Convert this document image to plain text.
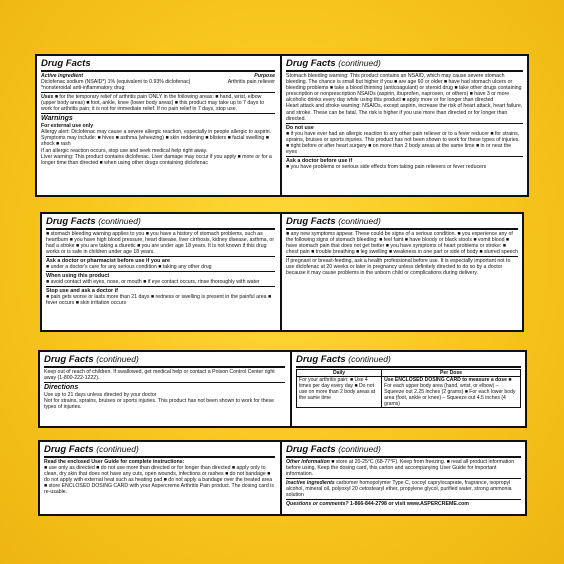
Drug Facts
Active ingredient	Purpose
Diclofenac sodium (NSAID*) 1% (equivalent to 0.93% diclofenac)	Arthritis pain reliever

*nonsteroidal anti-inflammatory drug

Uses ■ for the temporary relief of arthritis pain ONLY in the following areas: ■ hand, wrist, elbow (upper body areas) ■ foot, ankle, knee (lower body areas) ■ this product may take up to 7 days to work for arthritis pain; it is not for immediate relief. If no pain relief in 7 days, stop use.

Warnings

For external use only

Allergy alert: Diclofenac may cause a severe allergic reaction, especially in people allergic to aspirin. Symptoms may include: ■ hives ■ asthma (wheezing) ■ skin reddening ■ blisters ■ facial swelling ■ shock ■ rash

If an allergic reaction occurs, stop use and seek medical help right away.

Liver warning: This product contains diclofenac. Liver damage may occur if you apply ■ more or for a longer time than directed ■ when using other drugs containing diclofenac

Drug Facts (continued)

Stomach bleeding warning: This product contains an NSAID, which may cause severe stomach bleeding. The chance is small but higher if you ■ are age 60 or older ■ have had stomach ulcers or bleeding problems ■ take a blood thinning (anticoagulant) or steroid drug ■ take other drugs containing prescription or nonprescription NSAIDs (aspirin, ibuprofen, naproxen, or others) ■ have 3 or more alcoholic drinks every day while using this product ■ apply more or for longer than directed

Heart attack and stroke warning: NSAIDs, except aspirin, increase the risk of heart attack, heart failure, and stroke. These can be fatal. The risk is higher if you use more than directed or for longer than directed.

Do not use

■ if you have ever had an allergic reaction to any other pain reliever or to a fever reducer ■ for strains, sprains, bruises or sports injuries. This product has not been shown to work for these types of injuries. ■ right before or after heart surgery ■ on more than 2 body areas at the same time ■ in or near the eyes

Ask a doctor before use if

■ you have problems or serious side effects from taking pain relievers or fever reducers

Drug Facts (continued)

■ stomach bleeding warning applies to you ■ you have a history of stomach problems, such as heartburn ■ you have high blood pressure, heart disease, liver cirrhosis, kidney disease, asthma, or had a stroke ■ you are taking a diuretic ■ you are under age 18 years. It is not known if this drug works or is safe in children under age 18 years.

Ask a doctor or pharmacist before use if you are

■ under a doctor's care for any serious condition ■ taking any other drug

When using this product

■ avoid contact with eyes, nose, or mouth ■ if eye contact occurs, rinse thoroughly with water

Stop use and ask a doctor if

■ pain gets worse or lasts more than 21 days ■ redness or swelling is present in the painful area ■ fever occurs ■ skin irritation occurs

Drug Facts (continued)

■ any new symptoms appear. These could be signs of a serious condition. ■ you experience any of the following signs of stomach bleeding: ■ feel faint ■ have bloody or black stools ■ vomit blood ■ have stomach pain that does not get better ■ you have symptoms of heart problems or stroke: ■ chest pain ■ trouble breathing ■ leg swelling ■ weakness in one part or side of body ■ slurred speech

If pregnant or breast-feeding, ask a health professional before use. It is especially important not to use diclofenac at 20 weeks or later in pregnancy unless definitely directed to do so by a doctor because it may cause problems in the unborn child or complications during delivery.

Drug Facts (continued)

Keep out of reach of children. If swallowed, get medical help or contact a Poison Control Center right away (1-800-222-1222).

Directions

Use up to 21 days unless directed by your doctor

Not for strains, sprains, bruises or sports injuries. This product has not been shown to work for these types of injuries.

Drug Facts (continued)
Daily	Per Dose
For your arthritis pain: ■ Use 4 times per day every day ■ Do not use on more than 2 body areas at the same time	Use ENCLOSED DOSING CARD to measure a dose ■ For each upper body area (hand, wrist, or elbow) – Squeeze out 2.25 inches (2 grams) ■ For each lower body area (foot, ankle or knee) – Squeeze out 4.5 inches (4 grams)
Drug Facts (continued)

Read the enclosed User Guide for complete instructions:

■ use only as directed ■ do not use more than directed or for longer than directed ■ apply only to clean, dry skin that does not have any cuts, open wounds, infections or rashes ■ do not bandage ■ do not apply with external heat such as heating pad ■ do not apply a bandage over the treated area ■ store ENCLOSED DOSING CARD with your Aspercreme Arthritis Pain product. The dosing card is re-usable.

Drug Facts (continued)

Other information ■ store at 20-25°C (68-77°F). Keep from freezing. ■ read all product information before using. Keep the dosing card, this carton and accompanying User Guide for important information.

Inactive ingredients carbomer homopolymer Type C, cocoyl caprylocaprate, fragrance, isopropyl alcohol, mineral oil, polyoxyl 20 cetostearyl ether, propylene glycol, purified water, strong ammonia solution

Questions or comments? 1-866-844-2798 or visit www.ASPERCREME.com
